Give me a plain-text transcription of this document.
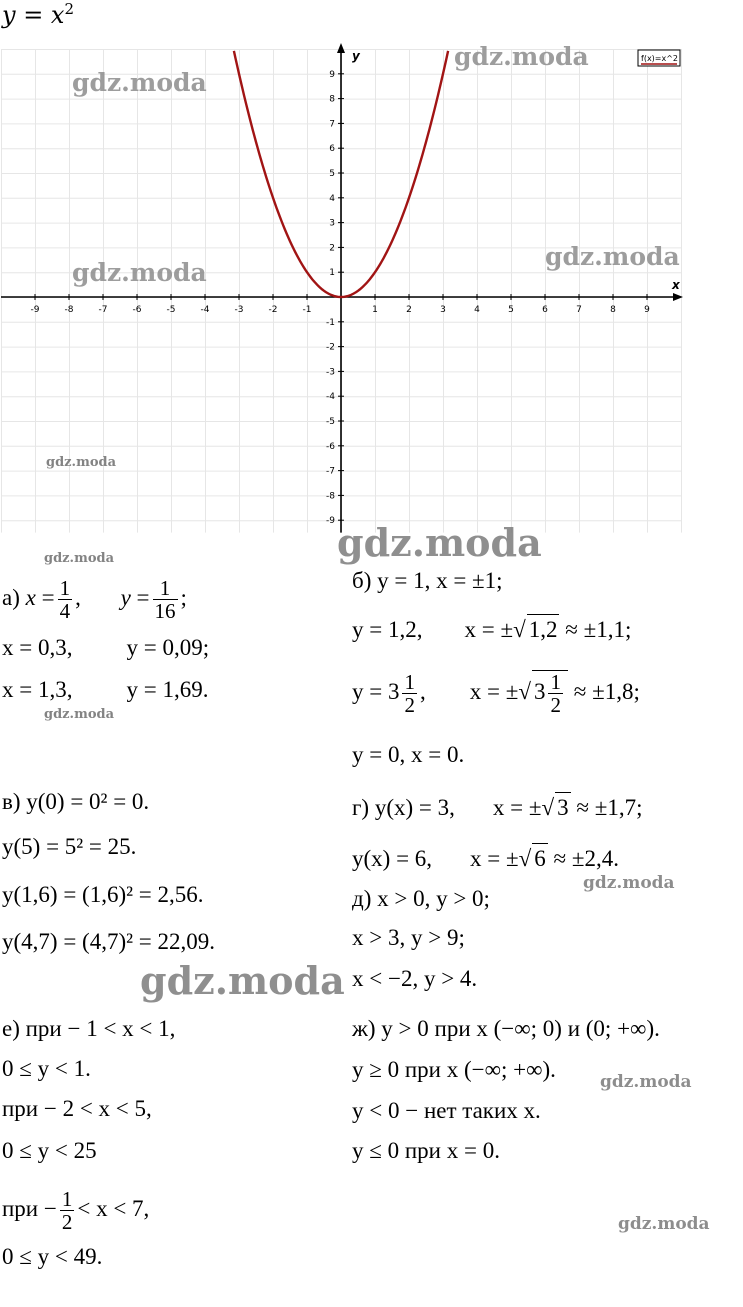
$y = x^2$
-9	-8	-7	-6	-5	-4	-3	-2	-1	1	2	3	4	5	6	7	8	9
9
8
7
6
5
4
3
2
1
-1
-2
-3
-4
-5
-6
-7
-8
-9
f(x)=x^2
x
y
gdz.moda
gdz.moda
gdz.moda
gdz.moda
gdz.moda
gdz.moda
gdz.moda
gdz.moda
gdz.moda
gdz.moda
gdz.moda
gdz.moda
а) $x = \frac{1}{4}$ , $y = \frac{1}{16}$ ;
x = 0,3, y = 0,09;
x = 1,3, y = 1,69.
в) y(0) = 0² = 0.
y(5) = 5² = 25.
y(1,6) = (1,6)² = 2,56.
y(4,7) = (4,7)² = 22,09.
е) при − 1 < x < 1,
0 ≤ y < 1.
при − 2 < x < 5,
0 ≤ y < 25
при − $\frac{1}{2} < x < 7$,
0 ≤ y < 49.
б) y = 1, x = ±1;
y = 1,2, x = ±√ 1,2 ≈ ±1,1;
$y = 3 \frac{1}{2}$ , x = ±√ $3 \frac{1}{2} \approx \pm 1,8$;
y = 0, x = 0.
г) y(x) = 3, x = ±√ 3 ≈ ±1,7;
y(x) = 6, x = ±√ 6 ≈ ±2,4.
д) x > 0, y > 0;
x > 3, y > 9;
x < −2, y > 4.
ж) y > 0 при x (−∞; 0) и (0; +∞).
y ≥ 0 при x (−∞; +∞).
y < 0 − нет таких x.
y ≤ 0 при x = 0.
